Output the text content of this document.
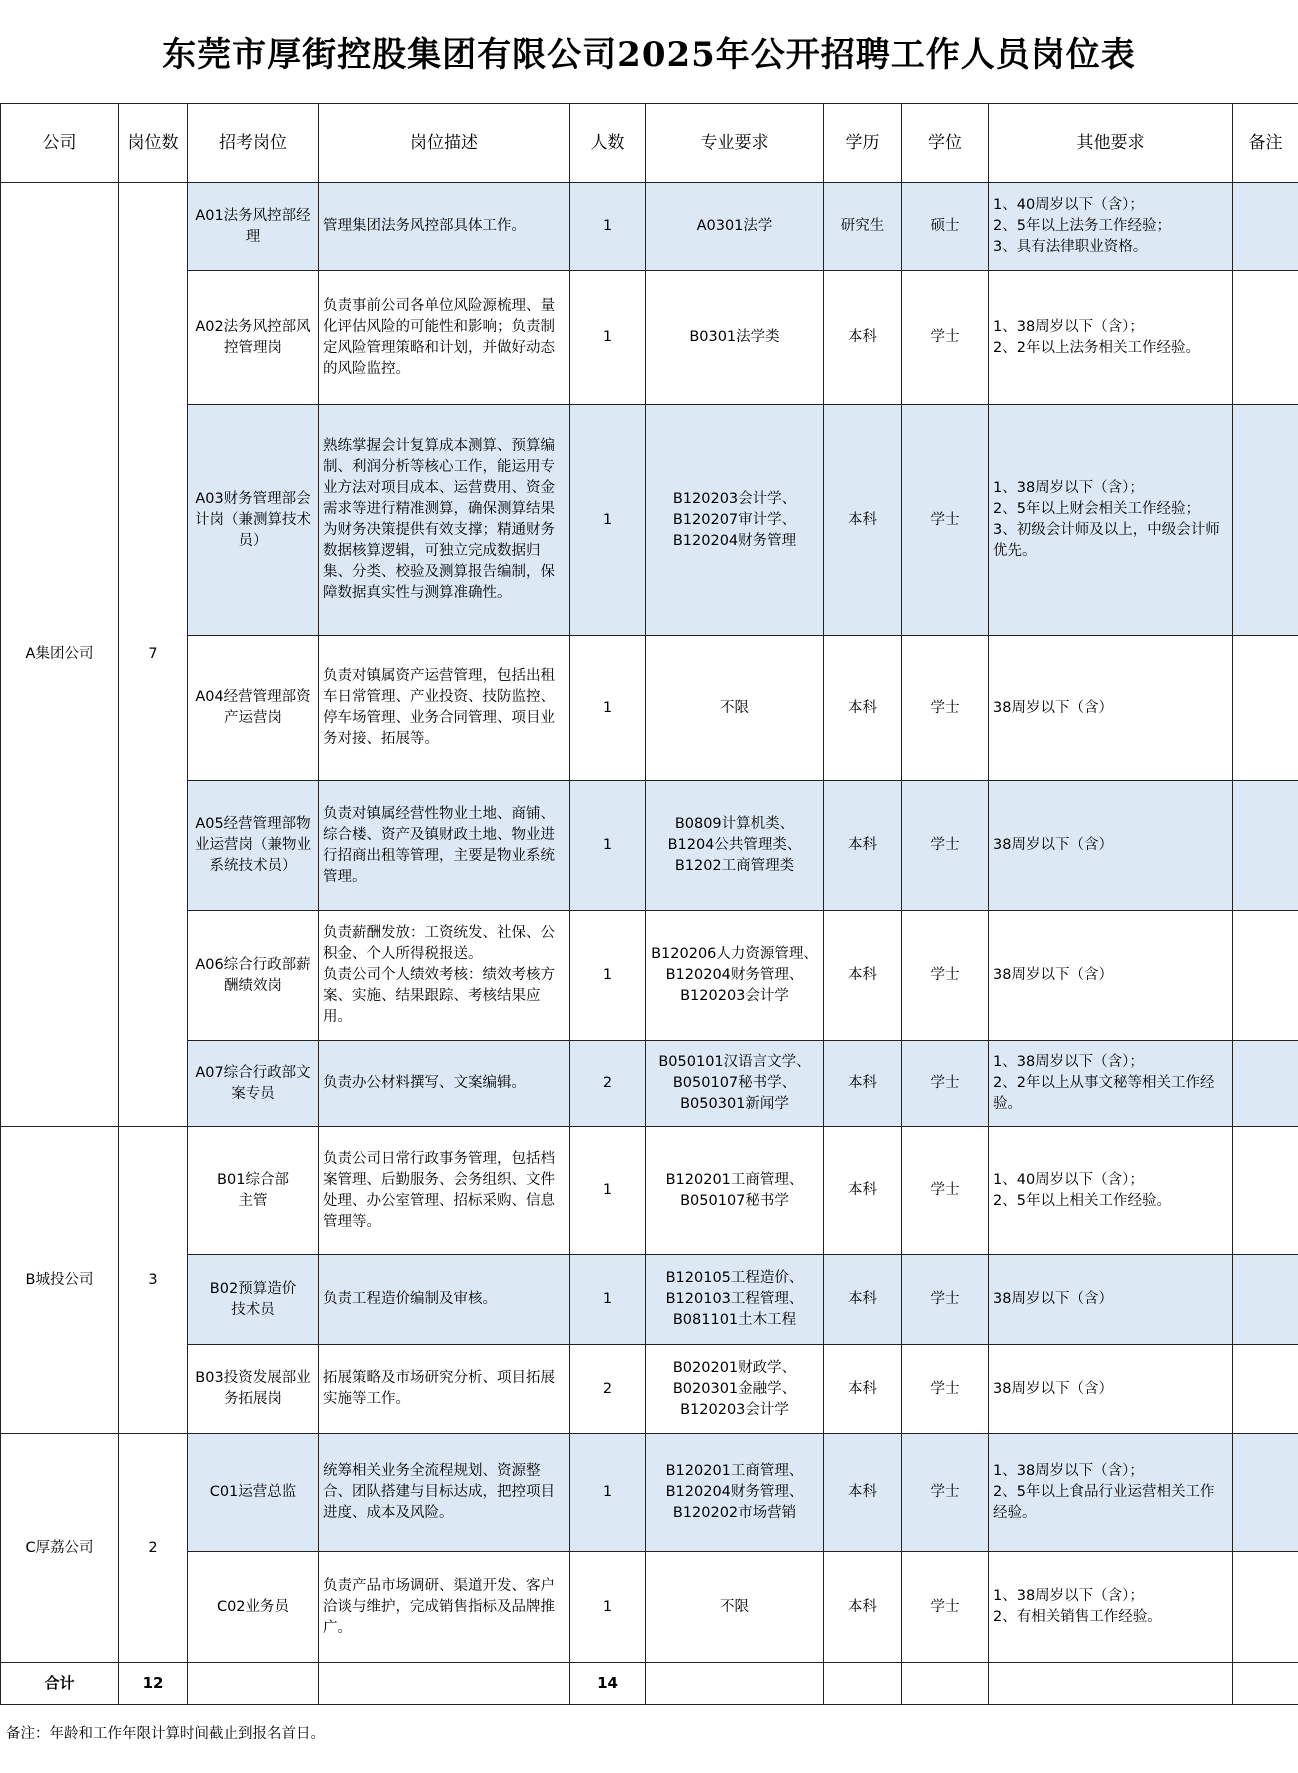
东莞市厚街控股集团有限公司2025年公开招聘工作人员岗位表
公司	岗位数	招考岗位	岗位描述	人数	专业要求	学历	学位	其他要求	备注
A集团公司	7	A01法务风控部经理	管理集团法务风控部具体工作。	1	A0301法学	研究生	硕士	1、40周岁以下（含）；
2、5年以上法务工作经验；
3、具有法律职业资格。	
		A02法务风控部风控管理岗	负责事前公司各单位风险源梳理、量化评估风险的可能性和影响；负责制定风险管理策略和计划，并做好动态的风险监控。	1	B0301法学类	本科	学士	1、38周岁以下（含）；
2、2年以上法务相关工作经验。	
		A03财务管理部会计岗（兼测算技术员）	熟练掌握会计复算成本测算、预算编制、利润分析等核心工作，能运用专业方法对项目成本、运营费用、资金需求等进行精准测算，确保测算结果为财务决策提供有效支撑；精通财务数据核算逻辑，可独立完成数据归集、分类、校验及测算报告编制，保障数据真实性与测算准确性。	1	B120203会计学、
B120207审计学、
B120204财务管理	本科	学士	1、38周岁以下（含）；
2、5年以上财会相关工作经验；
3、初级会计师及以上，中级会计师优先。	
		A04经营管理部资产运营岗	负责对镇属资产运营管理，包括出租车日常管理、产业投资、技防监控、停车场管理、业务合同管理、项目业务对接、拓展等。	1	不限	本科	学士	38周岁以下（含）	
		A05经营管理部物业运营岗（兼物业系统技术员）	负责对镇属经营性物业土地、商铺、综合楼、资产及镇财政土地、物业进行招商出租等管理，主要是物业系统管理。	1	B0809计算机类、
B1204公共管理类、
B1202工商管理类	本科	学士	38周岁以下（含）	
		A06综合行政部薪酬绩效岗	负责薪酬发放：工资统发、社保、公积金、个人所得税报送。
负责公司个人绩效考核：绩效考核方案、实施、结果跟踪、考核结果应用。	1	B120206人力资源管理、
B120204财务管理、
B120203会计学	本科	学士	38周岁以下（含）	
		A07综合行政部文案专员	负责办公材料撰写、文案编辑。	2	B050101汉语言文学、
B050107秘书学、
B050301新闻学	本科	学士	1、38周岁以下（含）；
2、2年以上从事文秘等相关工作经验。	
B城投公司	3	B01综合部
主管	负责公司日常行政事务管理，包括档案管理、后勤服务、会务组织、文件处理、办公室管理、招标采购、信息管理等。	1	B120201工商管理、
B050107秘书学	本科	学士	1、40周岁以下（含）；
2、5年以上相关工作经验。	
		B02预算造价
技术员	负责工程造价编制及审核。	1	B120105工程造价、
B120103工程管理、
B081101土木工程	本科	学士	38周岁以下（含）	
		B03投资发展部业务拓展岗	拓展策略及市场研究分析、项目拓展实施等工作。	2	B020201财政学、
B020301金融学、
B120203会计学	本科	学士	38周岁以下（含）	
C厚荔公司	2	C01运营总监	统筹相关业务全流程规划、资源整合、团队搭建与目标达成，把控项目进度、成本及风险。	1	B120201工商管理、
B120204财务管理、
B120202市场营销	本科	学士	1、38周岁以下（含）；
2、5年以上食品行业运营相关工作经验。	
		C02业务员	负责产品市场调研、渠道开发、客户洽谈与维护，完成销售指标及品牌推广。	1	不限	本科	学士	1、38周岁以下（含）；
2、有相关销售工作经验。	
合计	12			14					
备注：年龄和工作年限计算时间截止到报名首日。
